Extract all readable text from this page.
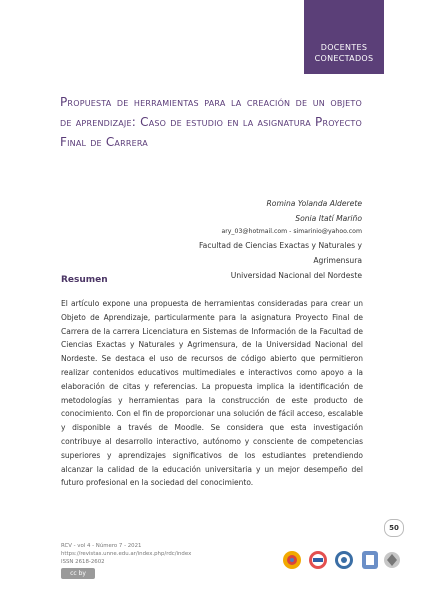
DOCENTES
CONECTADOS
Propuesta de herramientas para la creación de un objeto de aprendizaje: Caso de estudio en la asignatura Proyecto Final de Carrera
Romina Yolanda Alderete
Sonia Itatí Mariño
ary_03@hotmail.com - simarinio@yahoo.com
Facultad de Ciencias Exactas y Naturales y Agrimensura
Universidad Nacional del Nordeste
Resumen
El artículo expone una propuesta de herramientas consideradas para crear un Objeto de Aprendizaje, particularmente para la asignatura Proyecto Final de Carrera de la carrera Licenciatura en Sistemas de Información de la Facultad de Ciencias Exactas y Naturales y Agrimensura, de la Universidad Nacional del Nordeste. Se destaca el uso de recursos de código abierto que permitieron realizar contenidos educativos multimediales e interactivos como apoyo a la elaboración de citas y referencias. La propuesta implica la identificación de metodologías y herramientas para la construcción de este producto de conocimiento. Con el fin de proporcionar una solución de fácil acceso, escalable y disponible a través de Moodle. Se considera que esta investigación contribuye al desarrollo interactivo, autónomo y consciente de competencias superiores y aprendizajes significativos de los estudiantes pretendiendo alcanzar la calidad de la educación universitaria y un mejor desempeño del futuro profesional en la sociedad del conocimiento.
50
RCV - vol 4 - Número 7 - 2021
https://revistas.unne.edu.ar/index.php/rdc/index
ISSN 2618-2602
cc by
